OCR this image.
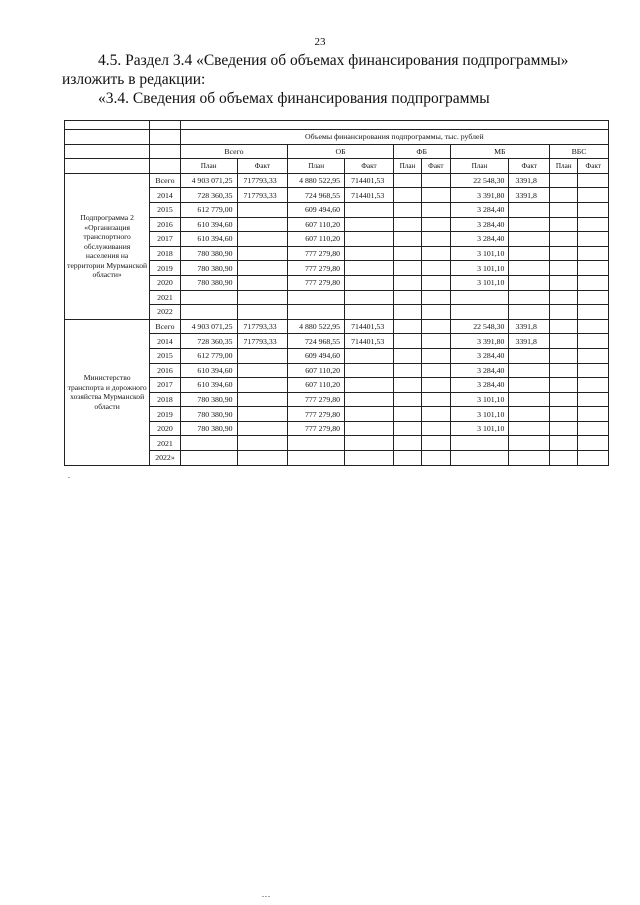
23
4.5. Раздел 3.4 «Сведения об объемах финансирования подпрограммы»
изложить в редакции:
«3.4. Сведения об объемах финансирования подпрограммы

		Объемы финансирования подпрограммы, тыс. рублей									
		Всего		ОБ		ФБ		МБ		ВБС	
		План	Факт	План	Факт	План	Факт	План	Факт	План	Факт
Подпрограмма 2 «Организация транспортного обслуживания населения на территории Мурманской области»	Всего	4 903 071,25	717793,33	4 880 522,95	714401,53			22 548,30	3391,8		
	2014	728 360,35	717793,33	724 968,55	714401,53			3 391,80	3391,8		
	2015	612 779,00		609 494,60				3 284,40			
	2016	610 394,60		607 110,20				3 284,40			
	2017	610 394,60		607 110,20				3 284,40			
	2018	780 380,90		777 279,80				3 101,10			
	2019	780 380,90		777 279,80				3 101,10			
	2020	780 380,90		777 279,80				3 101,10			
	2021										
	2022										
Министерство транспорта и дорожного хозяйства Мурманской области	Всего	4 903 071,25	717793,33	4 880 522,95	714401,53			22 548,30	3391,8		
	2014	728 360,35	717793,33	724 968,55	714401,53			3 391,80	3391,8		
	2015	612 779,00		609 494,60				3 284,40			
	2016	610 394,60		607 110,20				3 284,40			
	2017	610 394,60		607 110,20				3 284,40			
	2018	780 380,90		777 279,80				3 101,10			
	2019	780 380,90		777 279,80				3 101,10			
	2020	780 380,90		777 279,80				3 101,10			
	2021										
	2022»										
.
...
